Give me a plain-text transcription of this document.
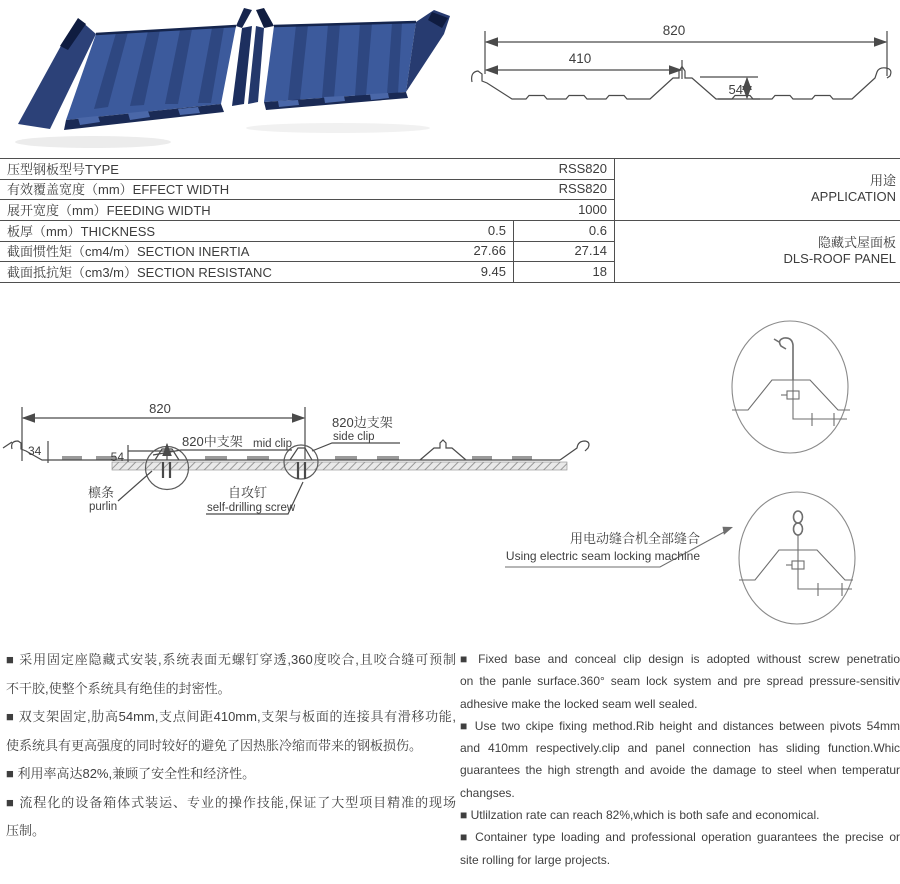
820
410
54
压型钢板型号TYPE	RSS820
有效覆盖宽度（mm）EFFECT WIDTH	RSS820
展开宽度（mm）FEEDING WIDTH	1000
板厚（mm）THICKNESS	0.5	0.6
截面惯性矩（cm4/m）SECTION INERTIA	27.66	27.14
截面抵抗矩（cm3/m）SECTION RESISTANC	9.45	18
用途
APPLICATION
隐藏式屋面板
DLS-ROOF PANEL
820
34	54
820中支架 mid clip
820边支架
side clip
檩条
purlin
自攻钉
self-drilling screw
用电动缝合机全部缝合
Using electric seam locking machine
■ 采用固定座隐藏式安装,系统表面无螺钉穿透,360度咬合,且咬合缝可预制
不干胶,使整个系统具有绝佳的封密性。
■ 双支架固定,肋高54mm,支点间距410mm,支架与板面的连接具有滑移功能,
使系统具有更高强度的同时较好的避免了因热胀冷缩而带来的钢板损伤。
■ 利用率高达82%,兼顾了安全性和经济性。
■ 流程化的设备箱体式装运、专业的操作技能,保证了大型项目精准的现场
压制。
■ Fixed base and conceal clip design is adopted withoust screw penetratio
on the panle surface.360° seam lock system and pre spread pressure-sensitiv
adhesive make the locked seam well sealed.
■ Use two ckipe fixing method.Rib height and distances between pivots 54mm
and 410mm respectively.clip and panel connection has sliding function.Whic
guarantees the high strength and avoide the damage to steel when temperatur
changses.
■ Utlilzation rate can reach 82%,which is both safe and economical.
■ Container type loading and professional operation guarantees the precise or
site rolling for large projects.
